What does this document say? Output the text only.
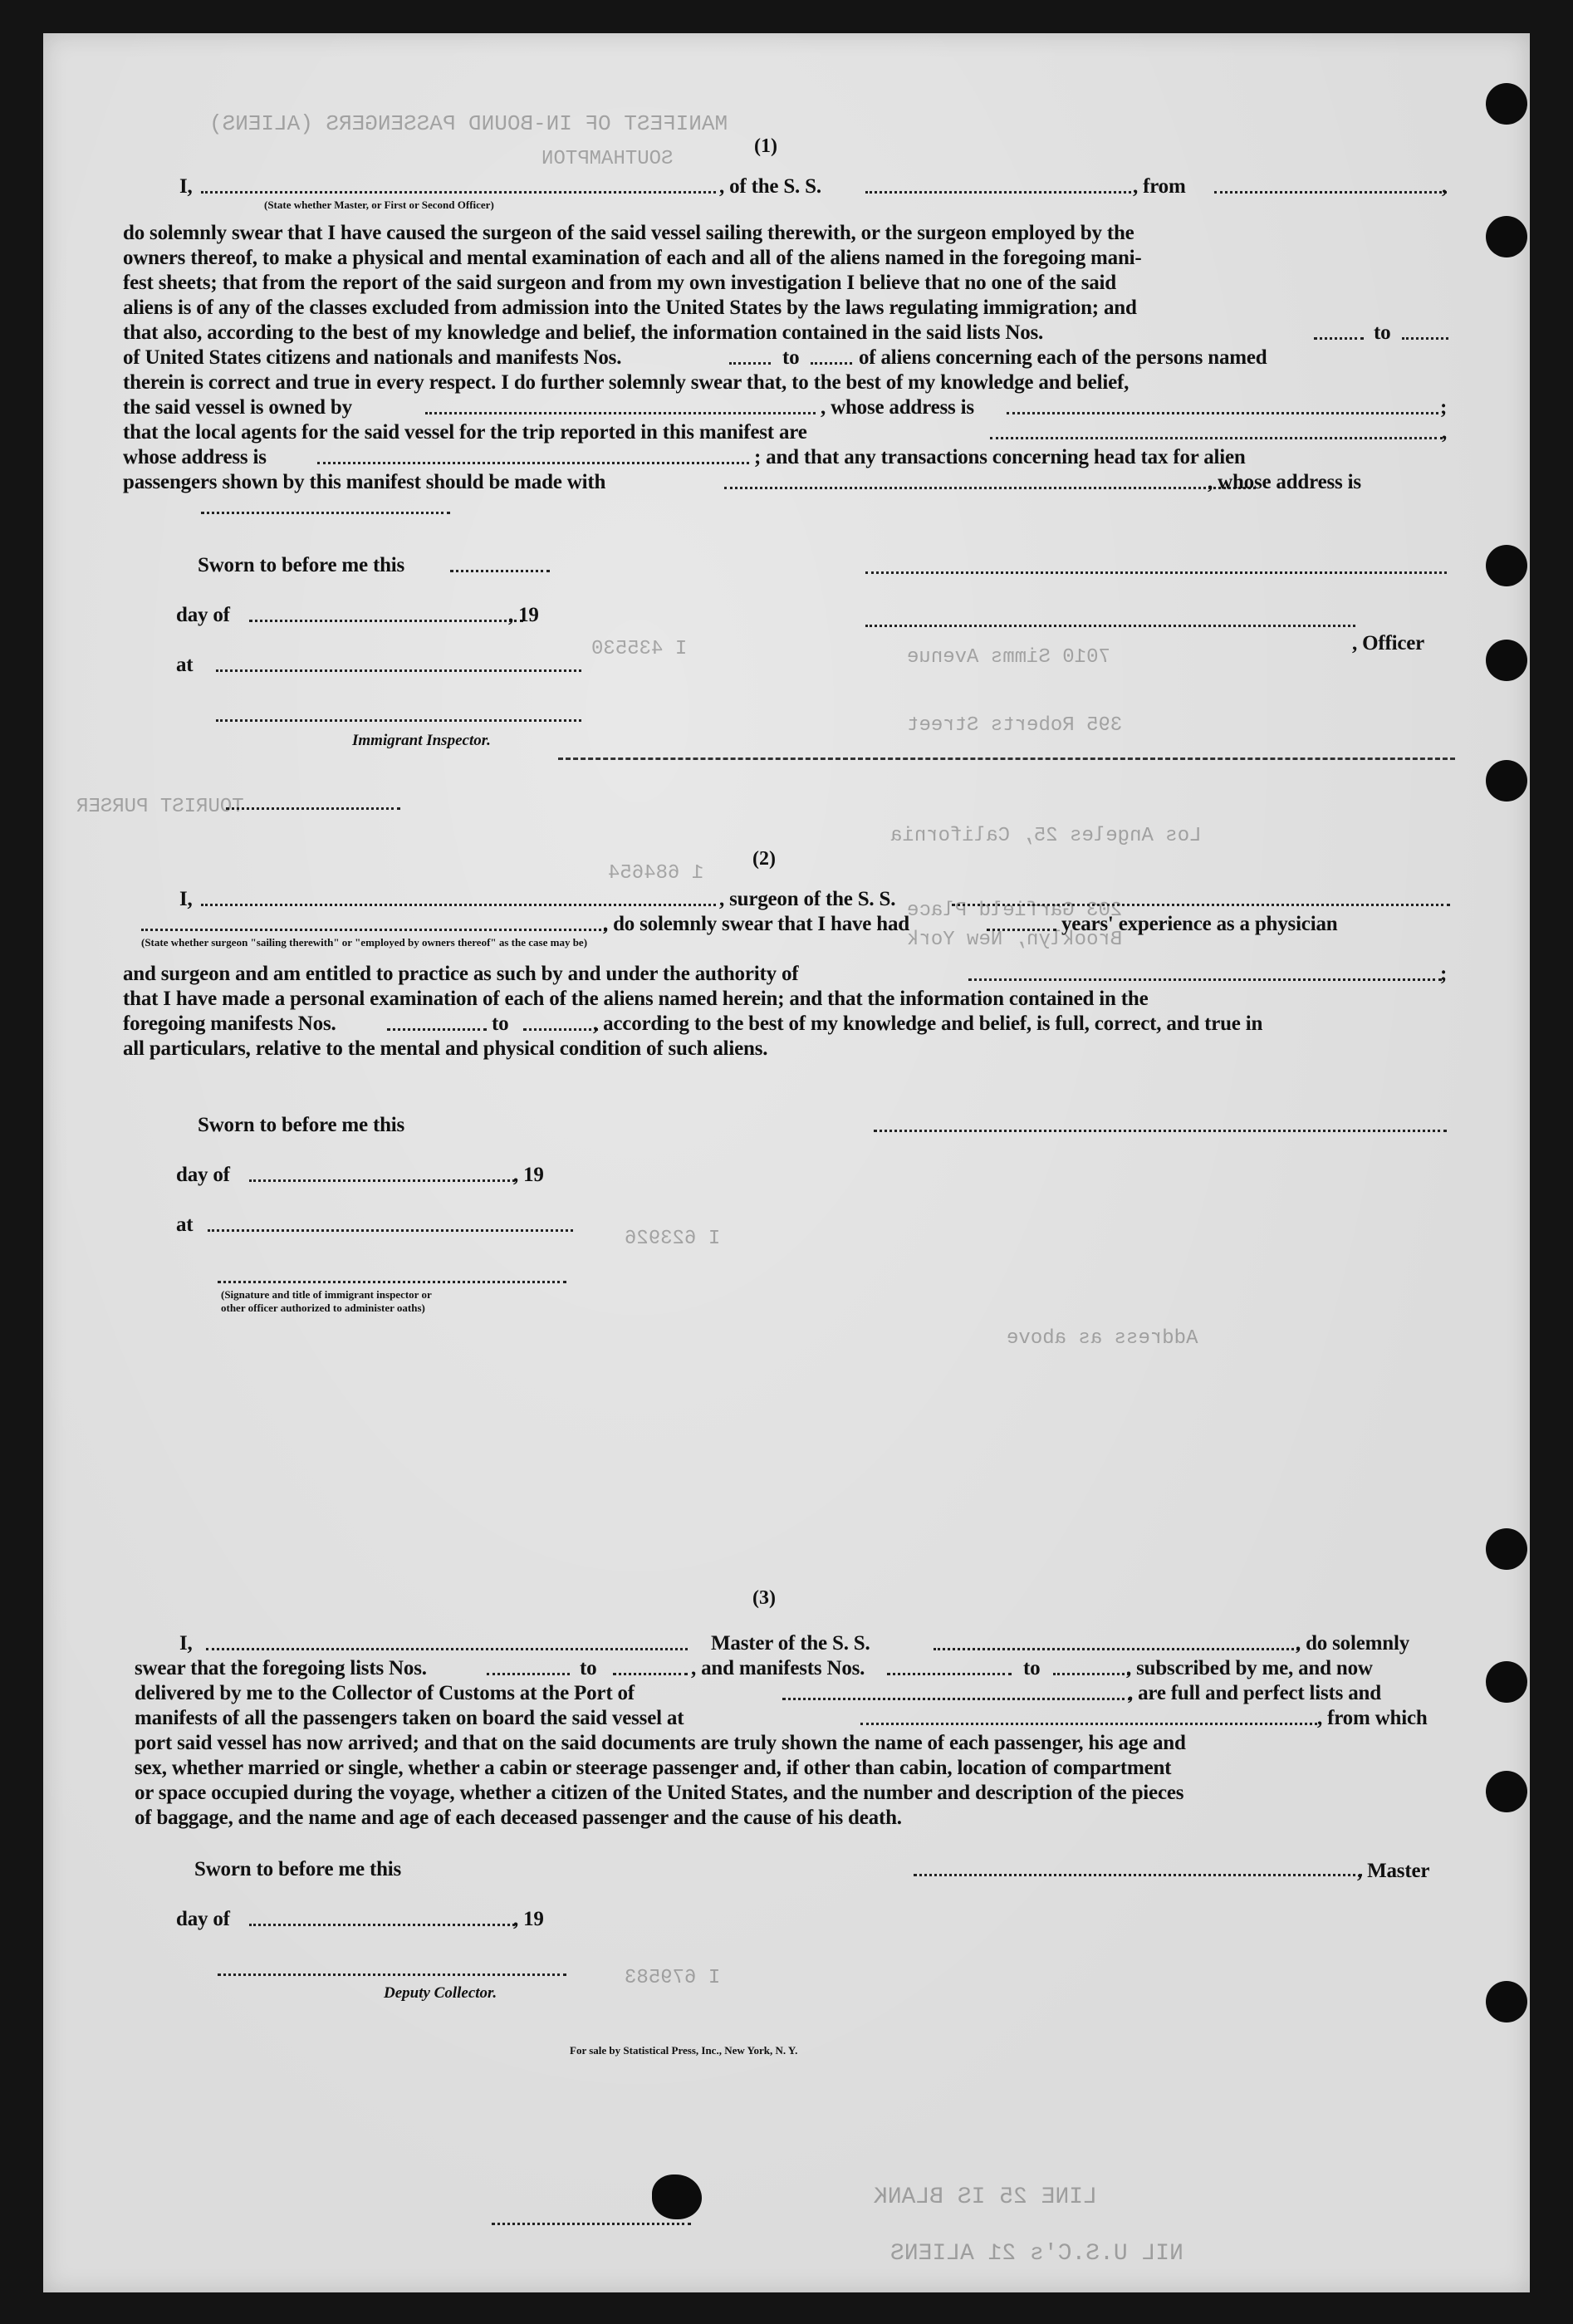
MANIFEST OF IN-BOUND PASSENGERS (ALIENS)
SOUTHAMPTON
I 435530	7010 Simms Avenue
395 Roberts Street
Los Angeles 25, California
203 Garfield Place
Brooklyn, New York
1 684654
TOURIST PURSER
Address as above
I 623926
I 679583
LINE 25 IS BLANK
NIL U.S.C's 21 ALIENS
(1)
I,
(State whether Master, or First or Second Officer)
, of the S. S.	, from	,
do solemnly swear that I have caused the surgeon of the said vessel sailing therewith, or the surgeon employed by the
owners thereof, to make a physical and mental examination of each and all of the aliens named in the foregoing mani-
fest sheets; that from the report of the said surgeon and from my own investigation I believe that no one of the said
aliens is of any of the classes excluded from admission into the United States by the laws regulating immigration; and
that also, according to the best of my knowledge and belief, the information contained in the said lists Nos.	to
of United States citizens and nationals and manifests Nos.	to	of aliens concerning each of the persons named
therein is correct and true in every respect. I do further solemnly swear that, to the best of my knowledge and belief,
the said vessel is owned by	, whose address is	;
that the local agents for the said vessel for the trip reported in this manifest are	,
whose address is	; and that any transactions concerning head tax for alien
passengers shown by this manifest should be made with	, whose address is
Sworn to before me this
day of	, 19
, Officer
at
Immigrant Inspector.
(2)
I,	, surgeon of the S. S.
, do solemnly swear that I have had	years' experience as a physician
(State whether surgeon "sailing therewith" or "employed by owners thereof" as the case may be)
and surgeon and am entitled to practice as such by and under the authority of	;
that I have made a personal examination of each of the aliens named herein; and that the information contained in the
foregoing manifests Nos.	to	, according to the best of my knowledge and belief, is full, correct, and true in
all particulars, relative to the mental and physical condition of such aliens.
Sworn to before me this
day of	, 19
at
(Signature and title of immigrant inspector or
other officer authorized to administer oaths)
(3)
I,	Master of the S. S.	, do solemnly
swear that the foregoing lists Nos.	to	, and manifests Nos.	to	, subscribed by me, and now
delivered by me to the Collector of Customs at the Port of	, are full and perfect lists and
manifests of all the passengers taken on board the said vessel at	, from which
port said vessel has now arrived; and that on the said documents are truly shown the name of each passenger, his age and
sex, whether married or single, whether a cabin or steerage passenger and, if other than cabin, location of compartment
or space occupied during the voyage, whether a citizen of the United States, and the number and description of the pieces
of baggage, and the name and age of each deceased passenger and the cause of his death.
Sworn to before me this	, Master
day of	, 19
Deputy Collector.
For sale by Statistical Press, Inc., New York, N. Y.
